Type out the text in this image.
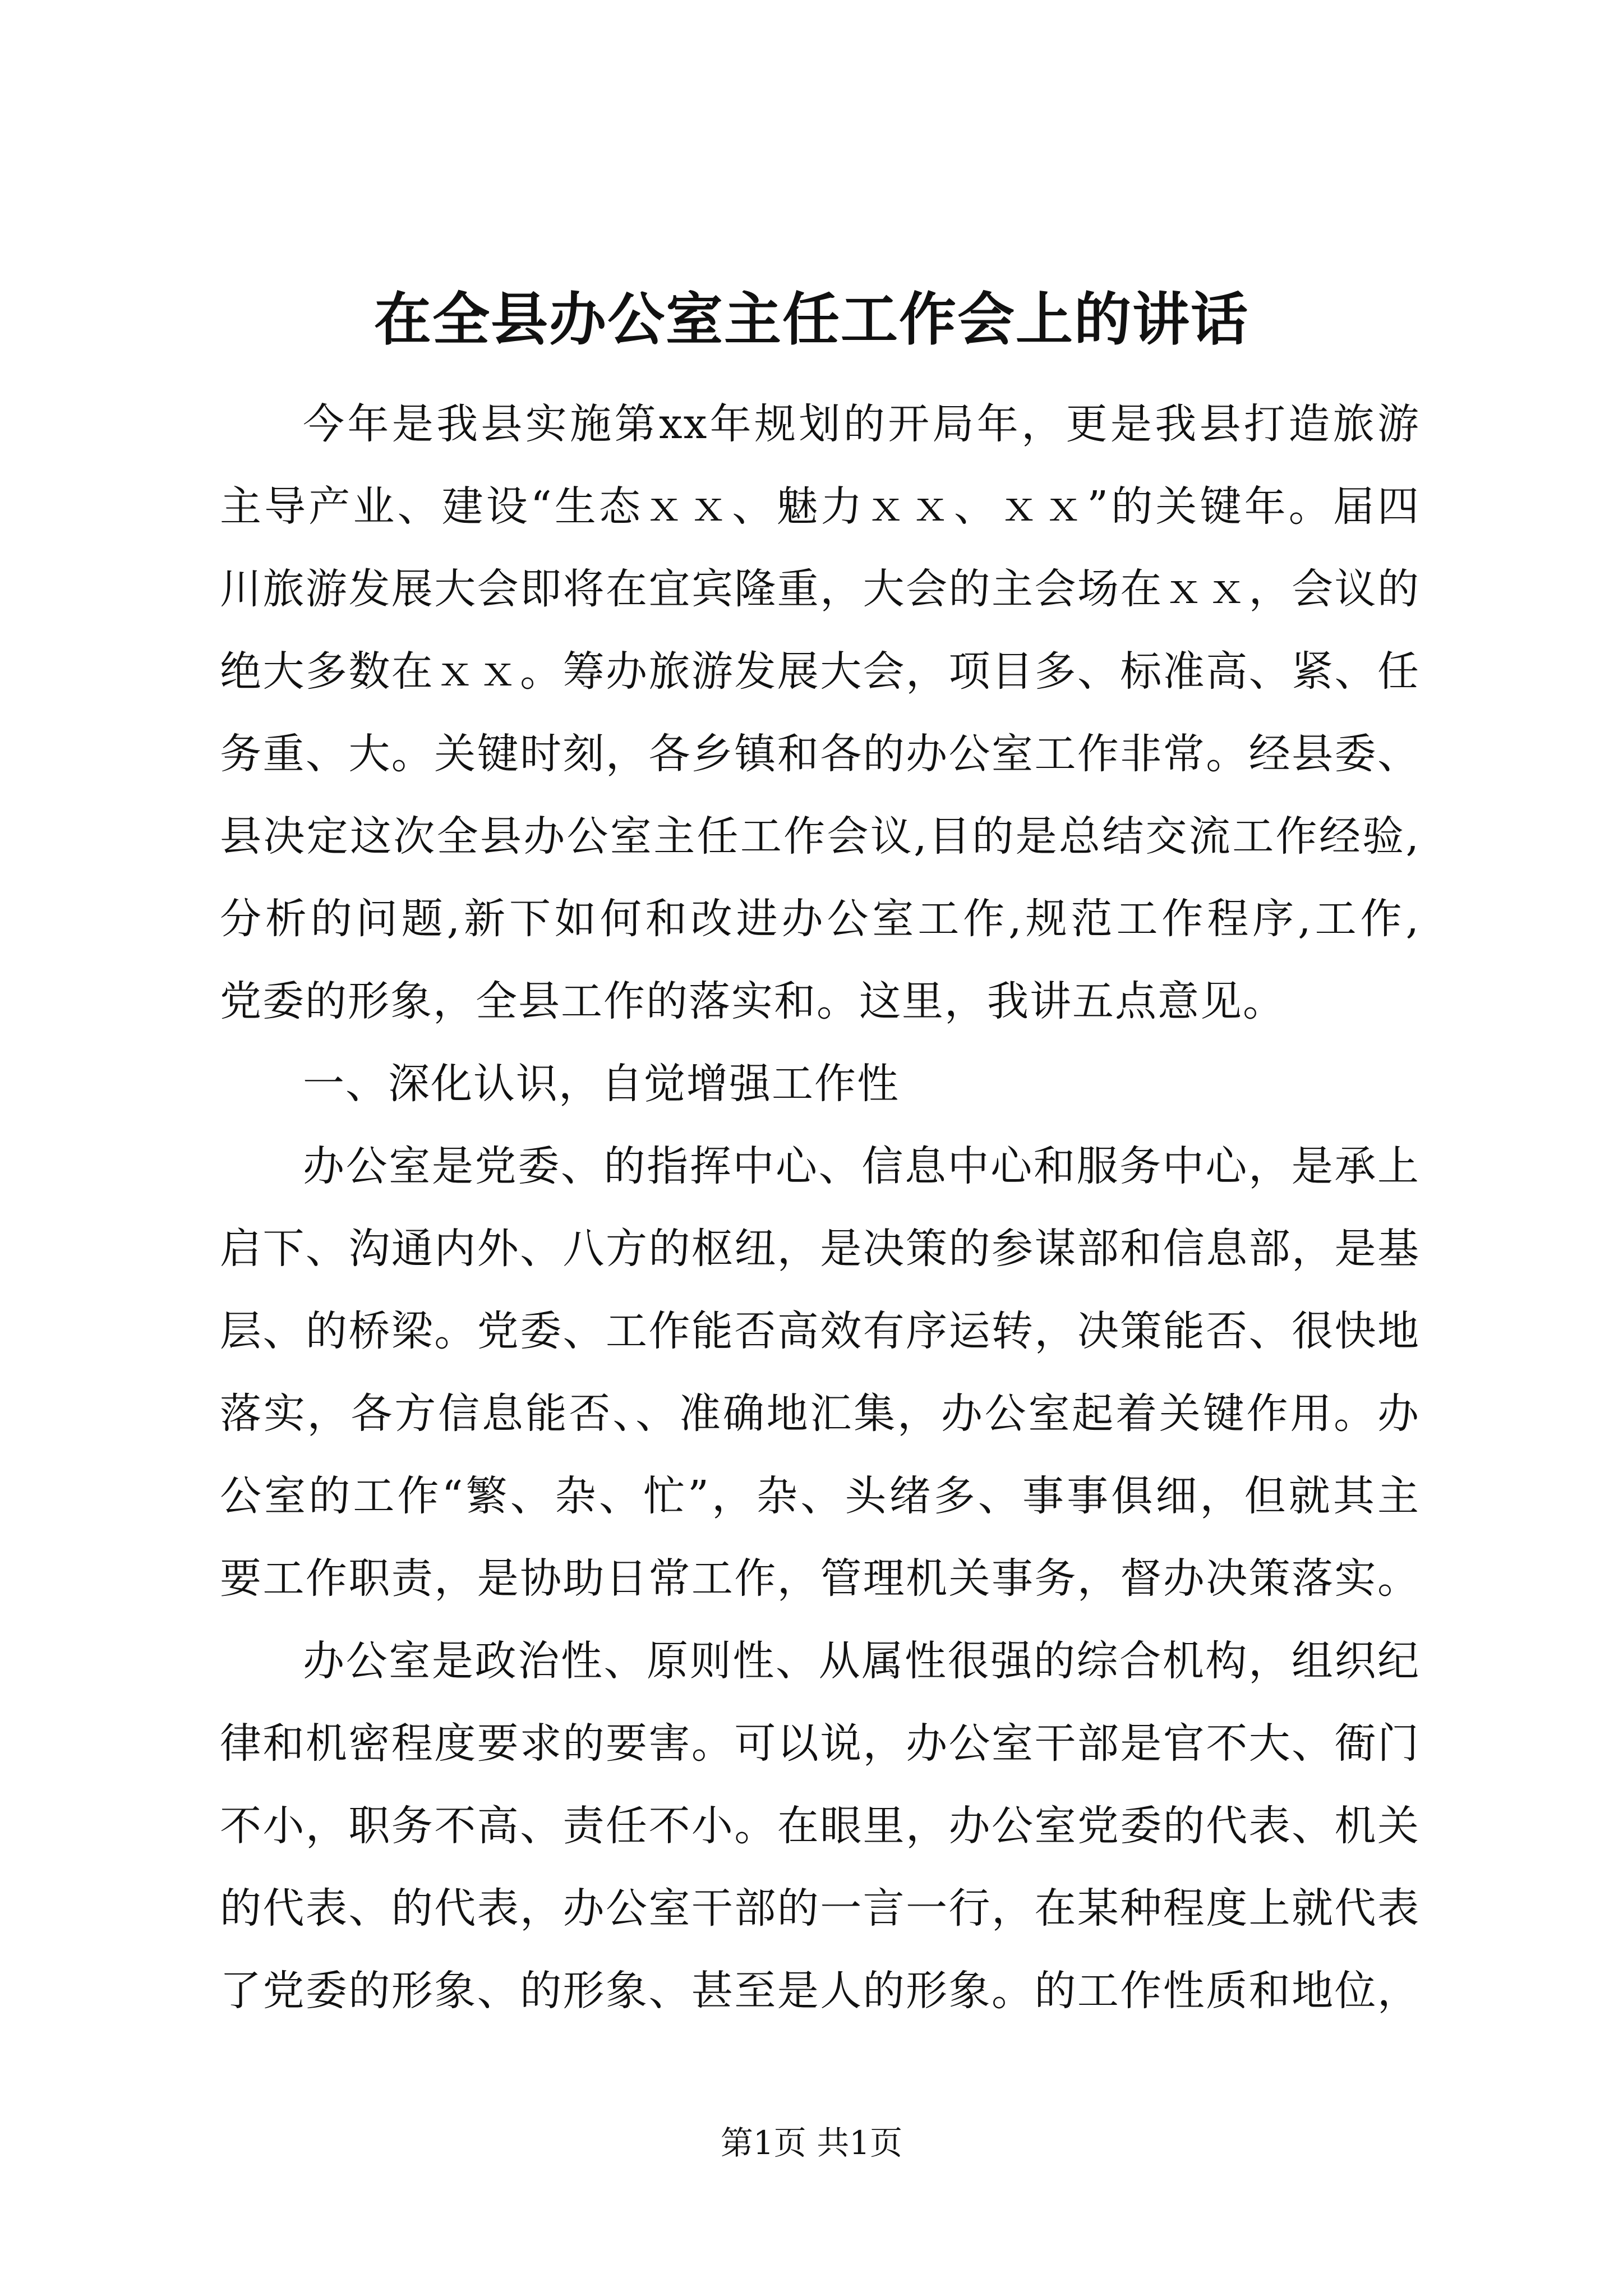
在全县办公室主任工作会上的讲话
今年是我县实施第xx年规划的开局年，更是我县打造旅游
主导产业、建设“生态ｘｘ、魅力ｘｘ、ｘｘ”的关键年。届四
川旅游发展大会即将在宜宾隆重，大会的主会场在ｘｘ，会议的
绝大多数在ｘｘ。筹办旅游发展大会，项目多、标准高、紧、任
务重、大。关键时刻，各乡镇和各的办公室工作非常。经县委、
县决定这次全县办公室主任工作会议,目的是总结交流工作经验,
分析的问题,新下如何和改进办公室工作,规范工作程序,工作,
党委的形象，全县工作的落实和。这里，我讲五点意见。
一、深化认识，自觉增强工作性
办公室是党委、的指挥中心、信息中心和服务中心，是承上
启下、沟通内外、八方的枢纽，是决策的参谋部和信息部，是基
层、的桥梁。党委、工作能否高效有序运转，决策能否、很快地
落实，各方信息能否、、准确地汇集，办公室起着关键作用。办
公室的工作“繁、杂、忙”，杂、头绪多、事事俱细，但就其主
要工作职责，是协助日常工作，管理机关事务，督办决策落实。
办公室是政治性、原则性、从属性很强的综合机构，组织纪
律和机密程度要求的要害。可以说，办公室干部是官不大、衙门
不小，职务不高、责任不小。在眼里，办公室党委的代表、机关
的代表、的代表，办公室干部的一言一行，在某种程度上就代表
了党委的形象、的形象、甚至是人的形象。的工作性质和地位，
第1页 共1页
